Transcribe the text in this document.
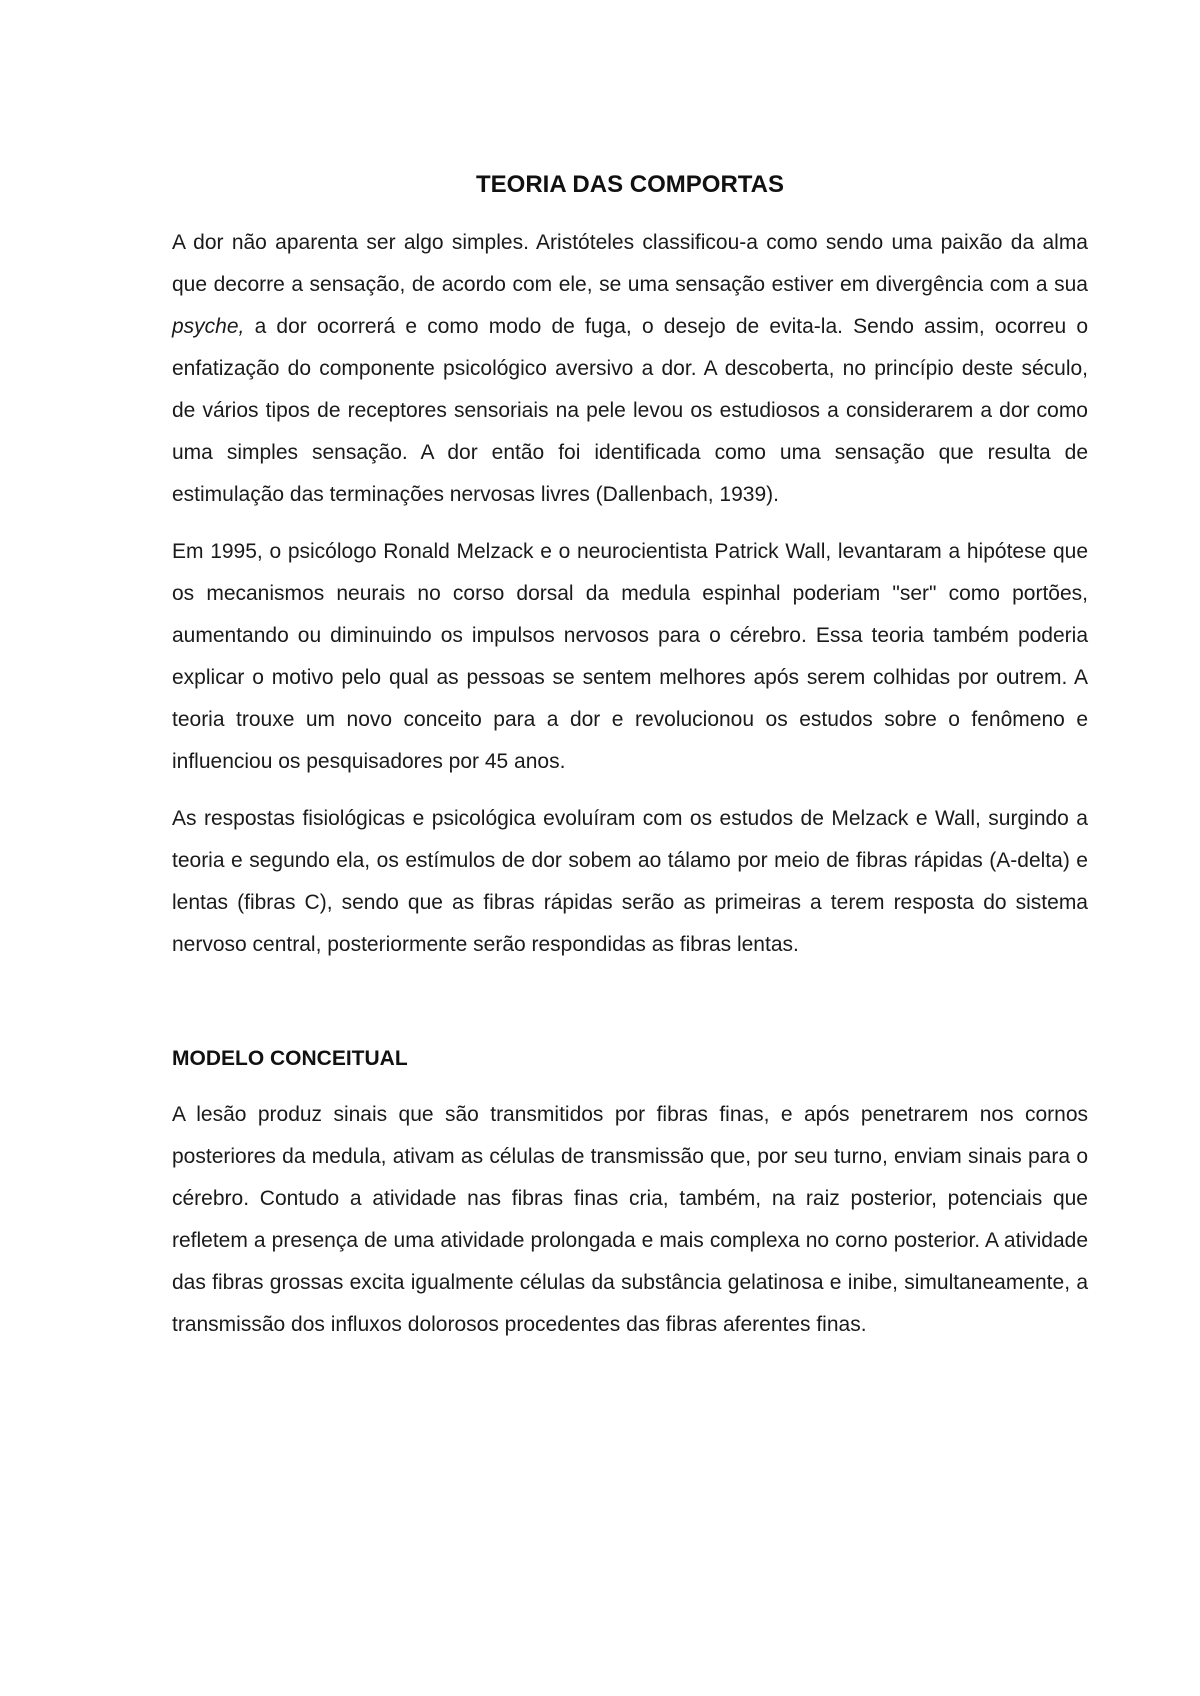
TEORIA DAS COMPORTAS

A dor não aparenta ser algo simples. Aristóteles classificou-a como sendo uma paixão da alma que decorre a sensação, de acordo com ele, se uma sensação estiver em divergência com a sua psyche, a dor ocorrerá e como modo de fuga, o desejo de evita-la. Sendo assim, ocorreu o enfatização do componente psicológico aversivo a dor. A descoberta, no princípio deste século, de vários tipos de receptores sensoriais na pele levou os estudiosos a considerarem a dor como uma simples sensação. A dor então foi identificada como uma sensação que resulta de estimulação das terminações nervosas livres (Dallenbach, 1939).

Em 1995, o psicólogo Ronald Melzack e o neurocientista Patrick Wall, levantaram a hipótese que os mecanismos neurais no corso dorsal da medula espinhal poderiam "ser" como portões, aumentando ou diminuindo os impulsos nervosos para o cérebro. Essa teoria também poderia explicar o motivo pelo qual as pessoas se sentem melhores após serem colhidas por outrem. A teoria trouxe um novo conceito para a dor e revolucionou os estudos sobre o fenômeno e influenciou os pesquisadores por 45 anos.

As respostas fisiológicas e psicológica evoluíram com os estudos de Melzack e Wall, surgindo a teoria e segundo ela, os estímulos de dor sobem ao tálamo por meio de fibras rápidas (A-delta) e lentas (fibras C), sendo que as fibras rápidas serão as primeiras a terem resposta do sistema nervoso central, posteriormente serão respondidas as fibras lentas.

MODELO CONCEITUAL

A lesão produz sinais que são transmitidos por fibras finas, e após penetrarem nos cornos posteriores da medula, ativam as células de transmissão que, por seu turno, enviam sinais para o cérebro. Contudo a atividade nas fibras finas cria, também, na raiz posterior, potenciais que refletem a presença de uma atividade prolongada e mais complexa no corno posterior. A atividade das fibras grossas excita igualmente células da substância gelatinosa e inibe, simultaneamente, a transmissão dos influxos dolorosos procedentes das fibras aferentes finas.
